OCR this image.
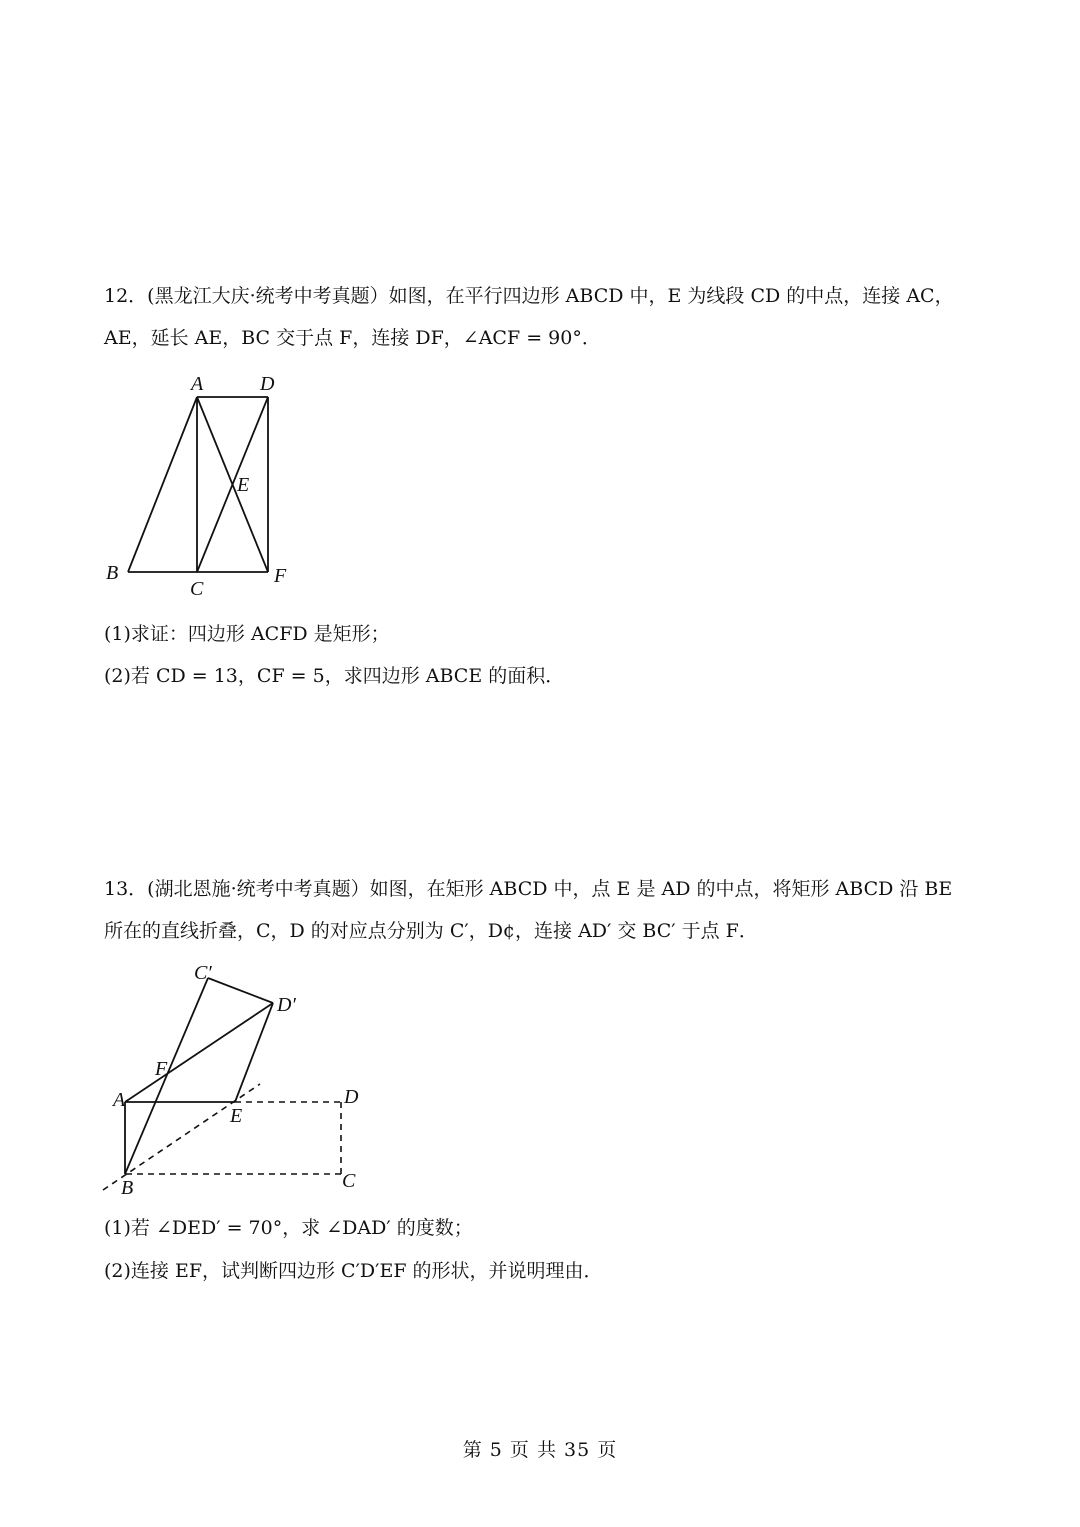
12．(黑龙江大庆·统考中考真题）如图，在平行四边形 ABCD 中，E 为线段 CD 的中点，连接 AC，
AE，延长 AE，BC 交于点 F，连接 DF，∠ACF = 90°．
A	D
E
B
C
F
(1)求证：四边形 ACFD 是矩形；
(2)若 CD = 13，CF = 5，求四边形 ABCE 的面积．
13．(湖北恩施·统考中考真题）如图，在矩形 ABCD 中，点 E 是 AD 的中点，将矩形 ABCD 沿 BE
所在的直线折叠，C，D 的对应点分别为 C′，D¢，连接 AD′ 交 BC′ 于点 F．
C′
D′
F
A
E
D
B	C
(1)若 ∠DED′ = 70°，求 ∠DAD′ 的度数；
(2)连接 EF，试判断四边形 C′D′EF 的形状，并说明理由．
第 5 页 共 35 页
